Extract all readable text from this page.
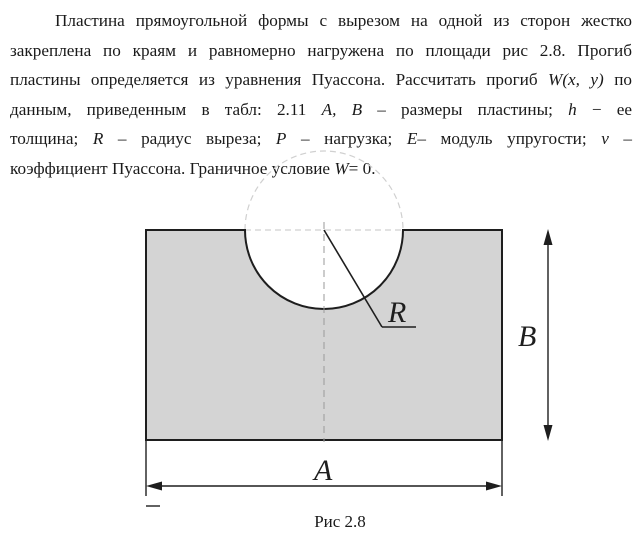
Пластина прямоугольной формы с вырезом на одной из сторон жестко
закреплена по краям и равномерно нагружена по площади рис 2.8. Прогиб
пластины определяется из уравнения Пуассона. Рассчитать прогиб W(x, y) по
данным, приведенным в табл: 2.11 A, B – размеры пластины; h − ее
толщина; R – радиус выреза; P – нагрузка; E– модуль упругости; ν –
коэффициент Пуассона. Граничное условие W= 0.
R
B
A

Рис 2.8
